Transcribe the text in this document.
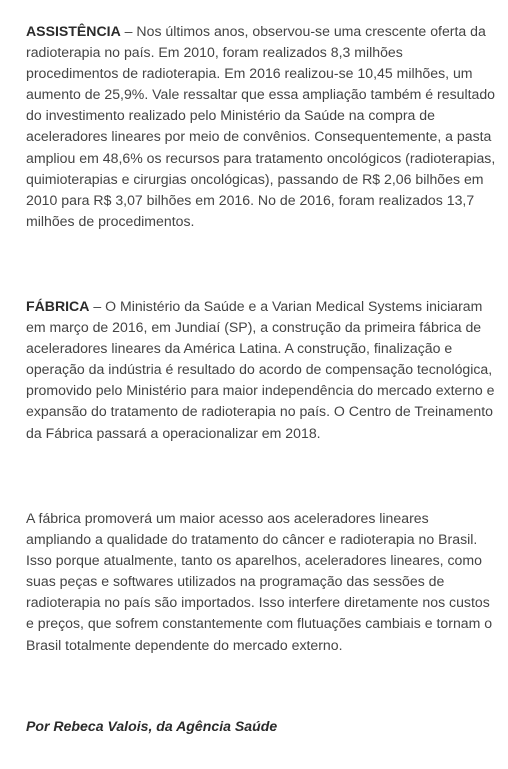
ASSISTÊNCIA – Nos últimos anos, observou-se uma crescente oferta da radioterapia no país. Em 2010, foram realizados 8,3 milhões procedimentos de radioterapia. Em 2016 realizou-se 10,45 milhões, um aumento de 25,9%. Vale ressaltar que essa ampliação também é resultado do investimento realizado pelo Ministério da Saúde na compra de aceleradores lineares por meio de convênios. Consequentemente, a pasta ampliou em 48,6% os recursos para tratamento oncológicos (radioterapias, quimioterapias e cirurgias oncológicas), passando de R$ 2,06 bilhões em 2010 para R$ 3,07 bilhões em 2016. No de 2016, foram realizados 13,7 milhões de procedimentos.

FÁBRICA – O Ministério da Saúde e a Varian Medical Systems iniciaram em março de 2016, em Jundiaí (SP), a construção da primeira fábrica de aceleradores lineares da América Latina. A construção, finalização e operação da indústria é resultado do acordo de compensação tecnológica, promovido pelo Ministério para maior independência do mercado externo e expansão do tratamento de radioterapia no país. O Centro de Treinamento da Fábrica passará a operacionalizar em 2018.

A fábrica promoverá um maior acesso aos aceleradores lineares ampliando a qualidade do tratamento do câncer e radioterapia no Brasil. Isso porque atualmente, tanto os aparelhos, aceleradores lineares, como suas peças e softwares utilizados na programação das sessões de radioterapia no país são importados. Isso interfere diretamente nos custos e preços, que sofrem constantemente com flutuações cambiais e tornam o Brasil totalmente dependente do mercado externo.

Por Rebeca Valois, da Agência Saúde
